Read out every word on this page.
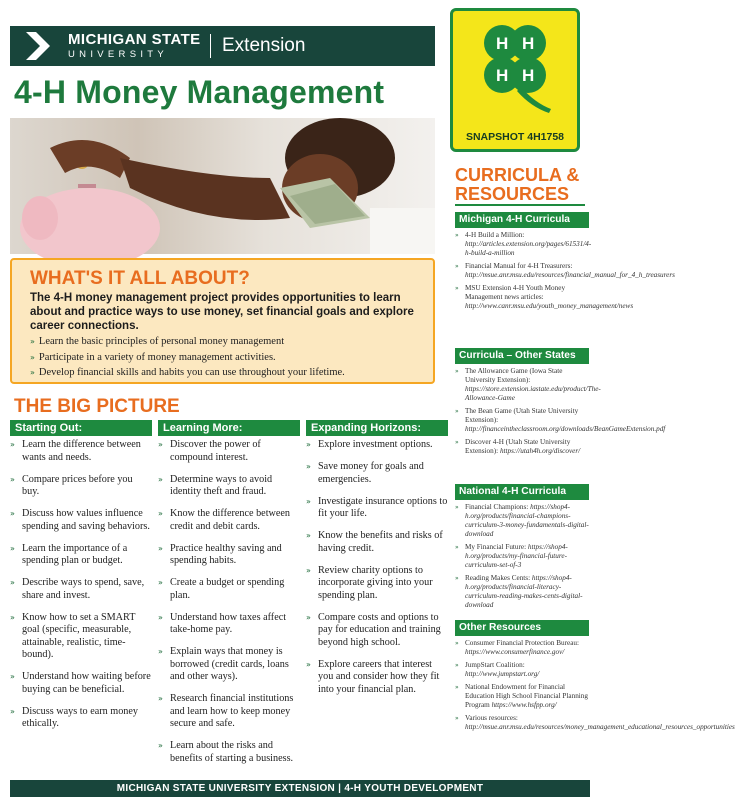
MICHIGAN STATE
UNIVERSITY	Extension
4-H Money Management
H H
H H
SNAPSHOT 4H1758
WHAT'S IT ALL ABOUT?

The 4-H money management project provides opportunities to learn about and practice ways to use money, set financial goals and explore career connections.

» Learn the basic principles of personal money management
» Participate in a variety of money management activities.
» Develop financial skills and habits you can use throughout your lifetime.
THE BIG PICTURE
Starting Out:
» Learn the difference between wants and needs.
» Compare prices before you buy.
» Discuss how values influence spending and saving behaviors.
» Learn the importance of a spending plan or budget.
» Describe ways to spend, save, share and invest.
» Know how to set a SMART goal (specific, measurable, attainable, realistic, time-bound).
» Understand how waiting before buying can be beneficial.
» Discuss ways to earn money ethically.
Learning More:
» Discover the power of compound interest.
» Determine ways to avoid identity theft and fraud.
» Know the difference between credit and debit cards.
» Practice healthy saving and spending habits.
» Create a budget or spending plan.
» Understand how taxes affect take-home pay.
» Explain ways that money is borrowed (credit cards, loans and other ways).
» Research financial institutions and learn how to keep money secure and safe.
» Learn about the risks and benefits of starting a business.
Expanding Horizons:
» Explore investment options.
» Save money for goals and emergencies.
» Investigate insurance options to fit your life.
» Know the benefits and risks of having credit.
» Review charity options to incorporate giving into your spending plan.
» Compare costs and options to pay for education and training beyond high school.
» Explore careers that interest you and consider how they fit into your financial plan.
CURRICULA &
RESOURCES
Michigan 4-H Curricula
» 4-H Build a Million: http://articles.extension.org/pages/61531/4-h-build-a-million
» Financial Manual for 4-H Treasurers: http://msue.anr.msu.edu/resources/financial_manual_for_4_h_treasurers
» MSU Extension 4-H Youth Money Management news articles: http://www.canr.msu.edu/youth_money_management/news
Curricula – Other States
» The Allowance Game (Iowa State University Extension): https://store.extension.iastate.edu/product/The-Allowance-Game
» The Bean Game (Utah State University Extension): http://financeintheclassroom.org/downloads/BeanGameExtension.pdf
» Discover 4-H (Utah State University Extension): https://utah4h.org/discover/
National 4-H Curricula
» Financial Champions: https://shop4-h.org/products/financial-champions-curriculum-3-money-fundamentals-digital-download
» My Financial Future: https://shop4-h.org/products/my-financial-future-curriculum-set-of-3
» Reading Makes Cents: https://shop4-h.org/products/financial-literacy-curriculum-reading-makes-cents-digital-download
Other Resources
» Consumer Financial Protection Bureau: https://www.consumerfinance.gov/
» JumpStart Coalition: http://www.jumpstart.org/
» National Endowment for Financial Education High School Financial Planning Program https://www.hsfpp.org/
» Various resources: http://msue.anr.msu.edu/resources/money_management_educational_resources_opportunities
MICHIGAN STATE UNIVERSITY EXTENSION | 4-H YOUTH DEVELOPMENT
